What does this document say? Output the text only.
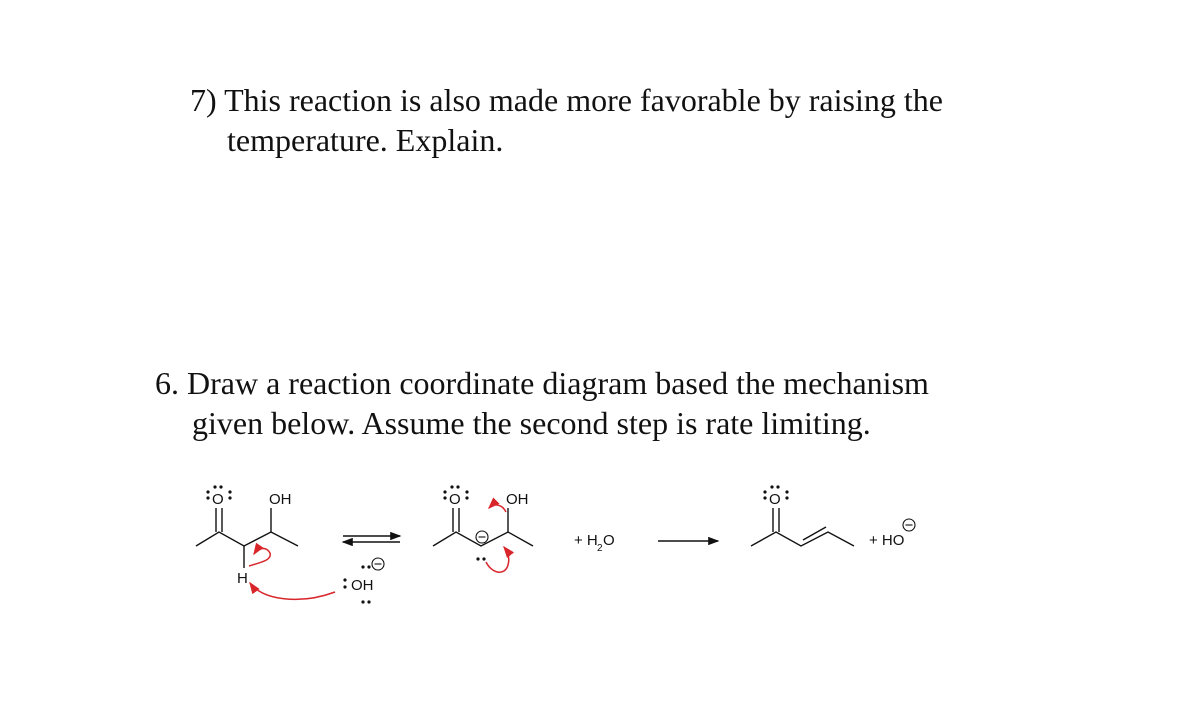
7) This reaction is also made more favorable by raising the
temperature. Explain.
6. Draw a reaction coordinate diagram based the mechanism
given below. Assume the second step is rate limiting.
O	OH
H	OH
O	OH
+ H 2 O
O
+ HO
